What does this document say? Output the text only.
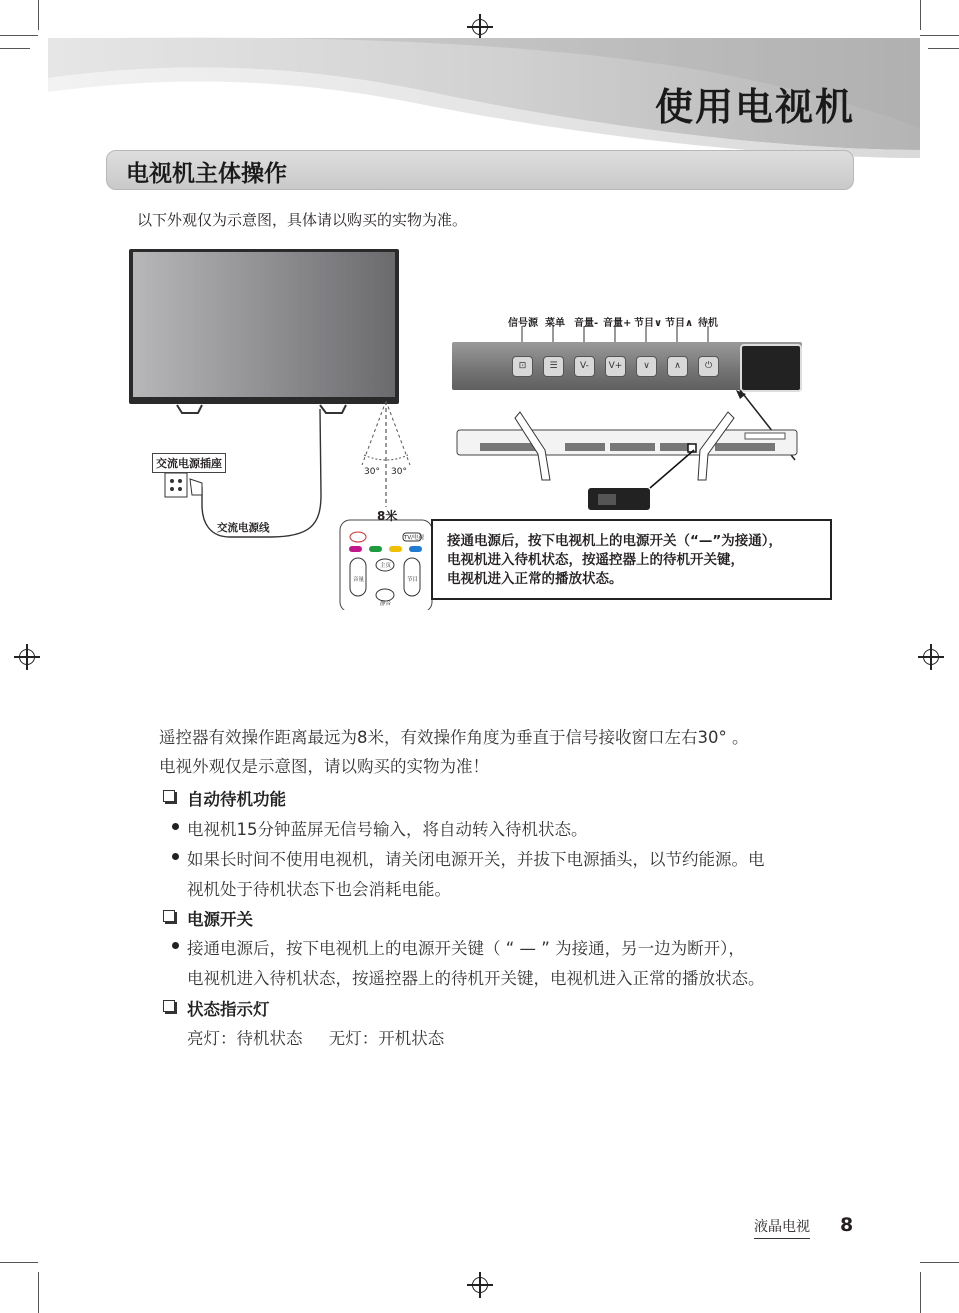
使用电视机
电视机主体操作
以下外观仅为示意图，具体请以购买的实物为准。
交流电源插座
交流电源线
30° 30°
8米
TV/电视
主页
音量	节目
静音
信号源 菜单 音量- 音量+ 节目∨ 节目∧ 待机
⊡	☰	V-	V+	∨	∧	⏻

接通电源后，按下电视机上的电源开关（“—”为接通），

电视机进入待机状态，按遥控器上的待机开关键，

电视机进入正常的播放状态。

遥控器有效操作距离最远为8米，有效操作角度为垂直于信号接收窗口左右30° 。
电视外观仅是示意图，请以购买的实物为准！
自动待机功能
电视机15分钟蓝屏无信号输入，将自动转入待机状态。
如果长时间不使用电视机，请关闭电源开关，并拔下电源插头，以节约能源。电
视机处于待机状态下也会消耗电能。
电源开关
接通电源后，按下电视机上的电源开关键（ “ — ” 为接通，另一边为断开），
电视机进入待机状态，按遥控器上的待机开关键，电视机进入正常的播放状态。
状态指示灯
亮灯：待机状态     无灯：开机状态
液晶电视 8
